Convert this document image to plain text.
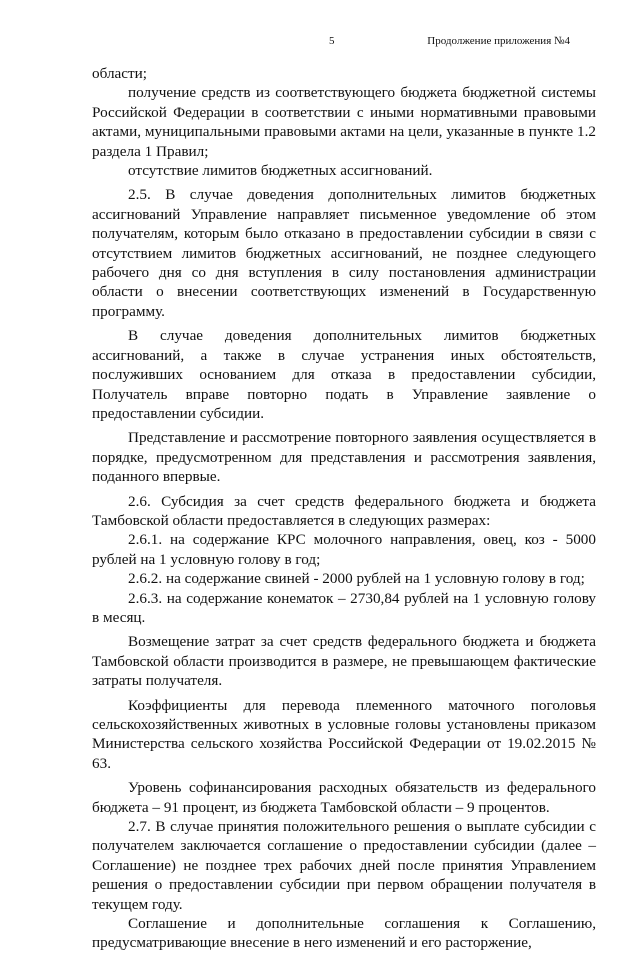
5	Продолжение приложения №4

области;

получение средств из соответствующего бюджета бюджетной системы Российской Федерации в соответствии с иными нормативными правовыми актами, муниципальными правовыми актами на цели, указанные в пункте 1.2 раздела 1 Правил;

отсутствие лимитов бюджетных ассигнований.

2.5. В случае доведения дополнительных лимитов бюджетных ассигнований Управление направляет письменное уведомление об этом получателям, которым было отказано в предоставлении субсидии в связи с отсутствием лимитов бюджетных ассигнований, не позднее следующего рабочего дня со дня вступления в силу постановления администрации области о внесении соответствующих изменений в Государственную программу.

В случае доведения дополнительных лимитов бюджетных ассигнований, а также в случае устранения иных обстоятельств, послуживших основанием для отказа в предоставлении субсидии, Получатель вправе повторно подать в Управление заявление о предоставлении субсидии.

Представление и рассмотрение повторного заявления осуществляется в порядке, предусмотренном для представления и рассмотрения заявления, поданного впервые.

2.6. Субсидия за счет средств федерального бюджета и бюджета Тамбовской области предоставляется в следующих размерах:

2.6.1. на содержание КРС молочного направления, овец, коз - 5000 рублей на 1 условную голову в год;

2.6.2. на содержание свиней - 2000 рублей на 1 условную голову в год;

2.6.3. на содержание конематок – 2730,84 рублей на 1 условную голову в месяц.

Возмещение затрат за счет средств федерального бюджета и бюджета Тамбовской области производится в размере, не превышающем фактические затраты получателя.

Коэффициенты для перевода племенного маточного поголовья сельскохозяйственных животных в условные головы установлены приказом Министерства сельского хозяйства Российской Федерации от 19.02.2015 № 63.

Уровень софинансирования расходных обязательств из федерального бюджета – 91 процент, из бюджета Тамбовской области – 9 процентов.

2.7. В случае принятия положительного решения о выплате субсидии с получателем заключается соглашение о предоставлении субсидии (далее – Соглашение) не позднее трех рабочих дней после принятия Управлением решения о предоставлении субсидии при первом обращении получателя в текущем году.

Соглашение и дополнительные соглашения к Соглашению, предусматривающие внесение в него изменений и его расторжение,
